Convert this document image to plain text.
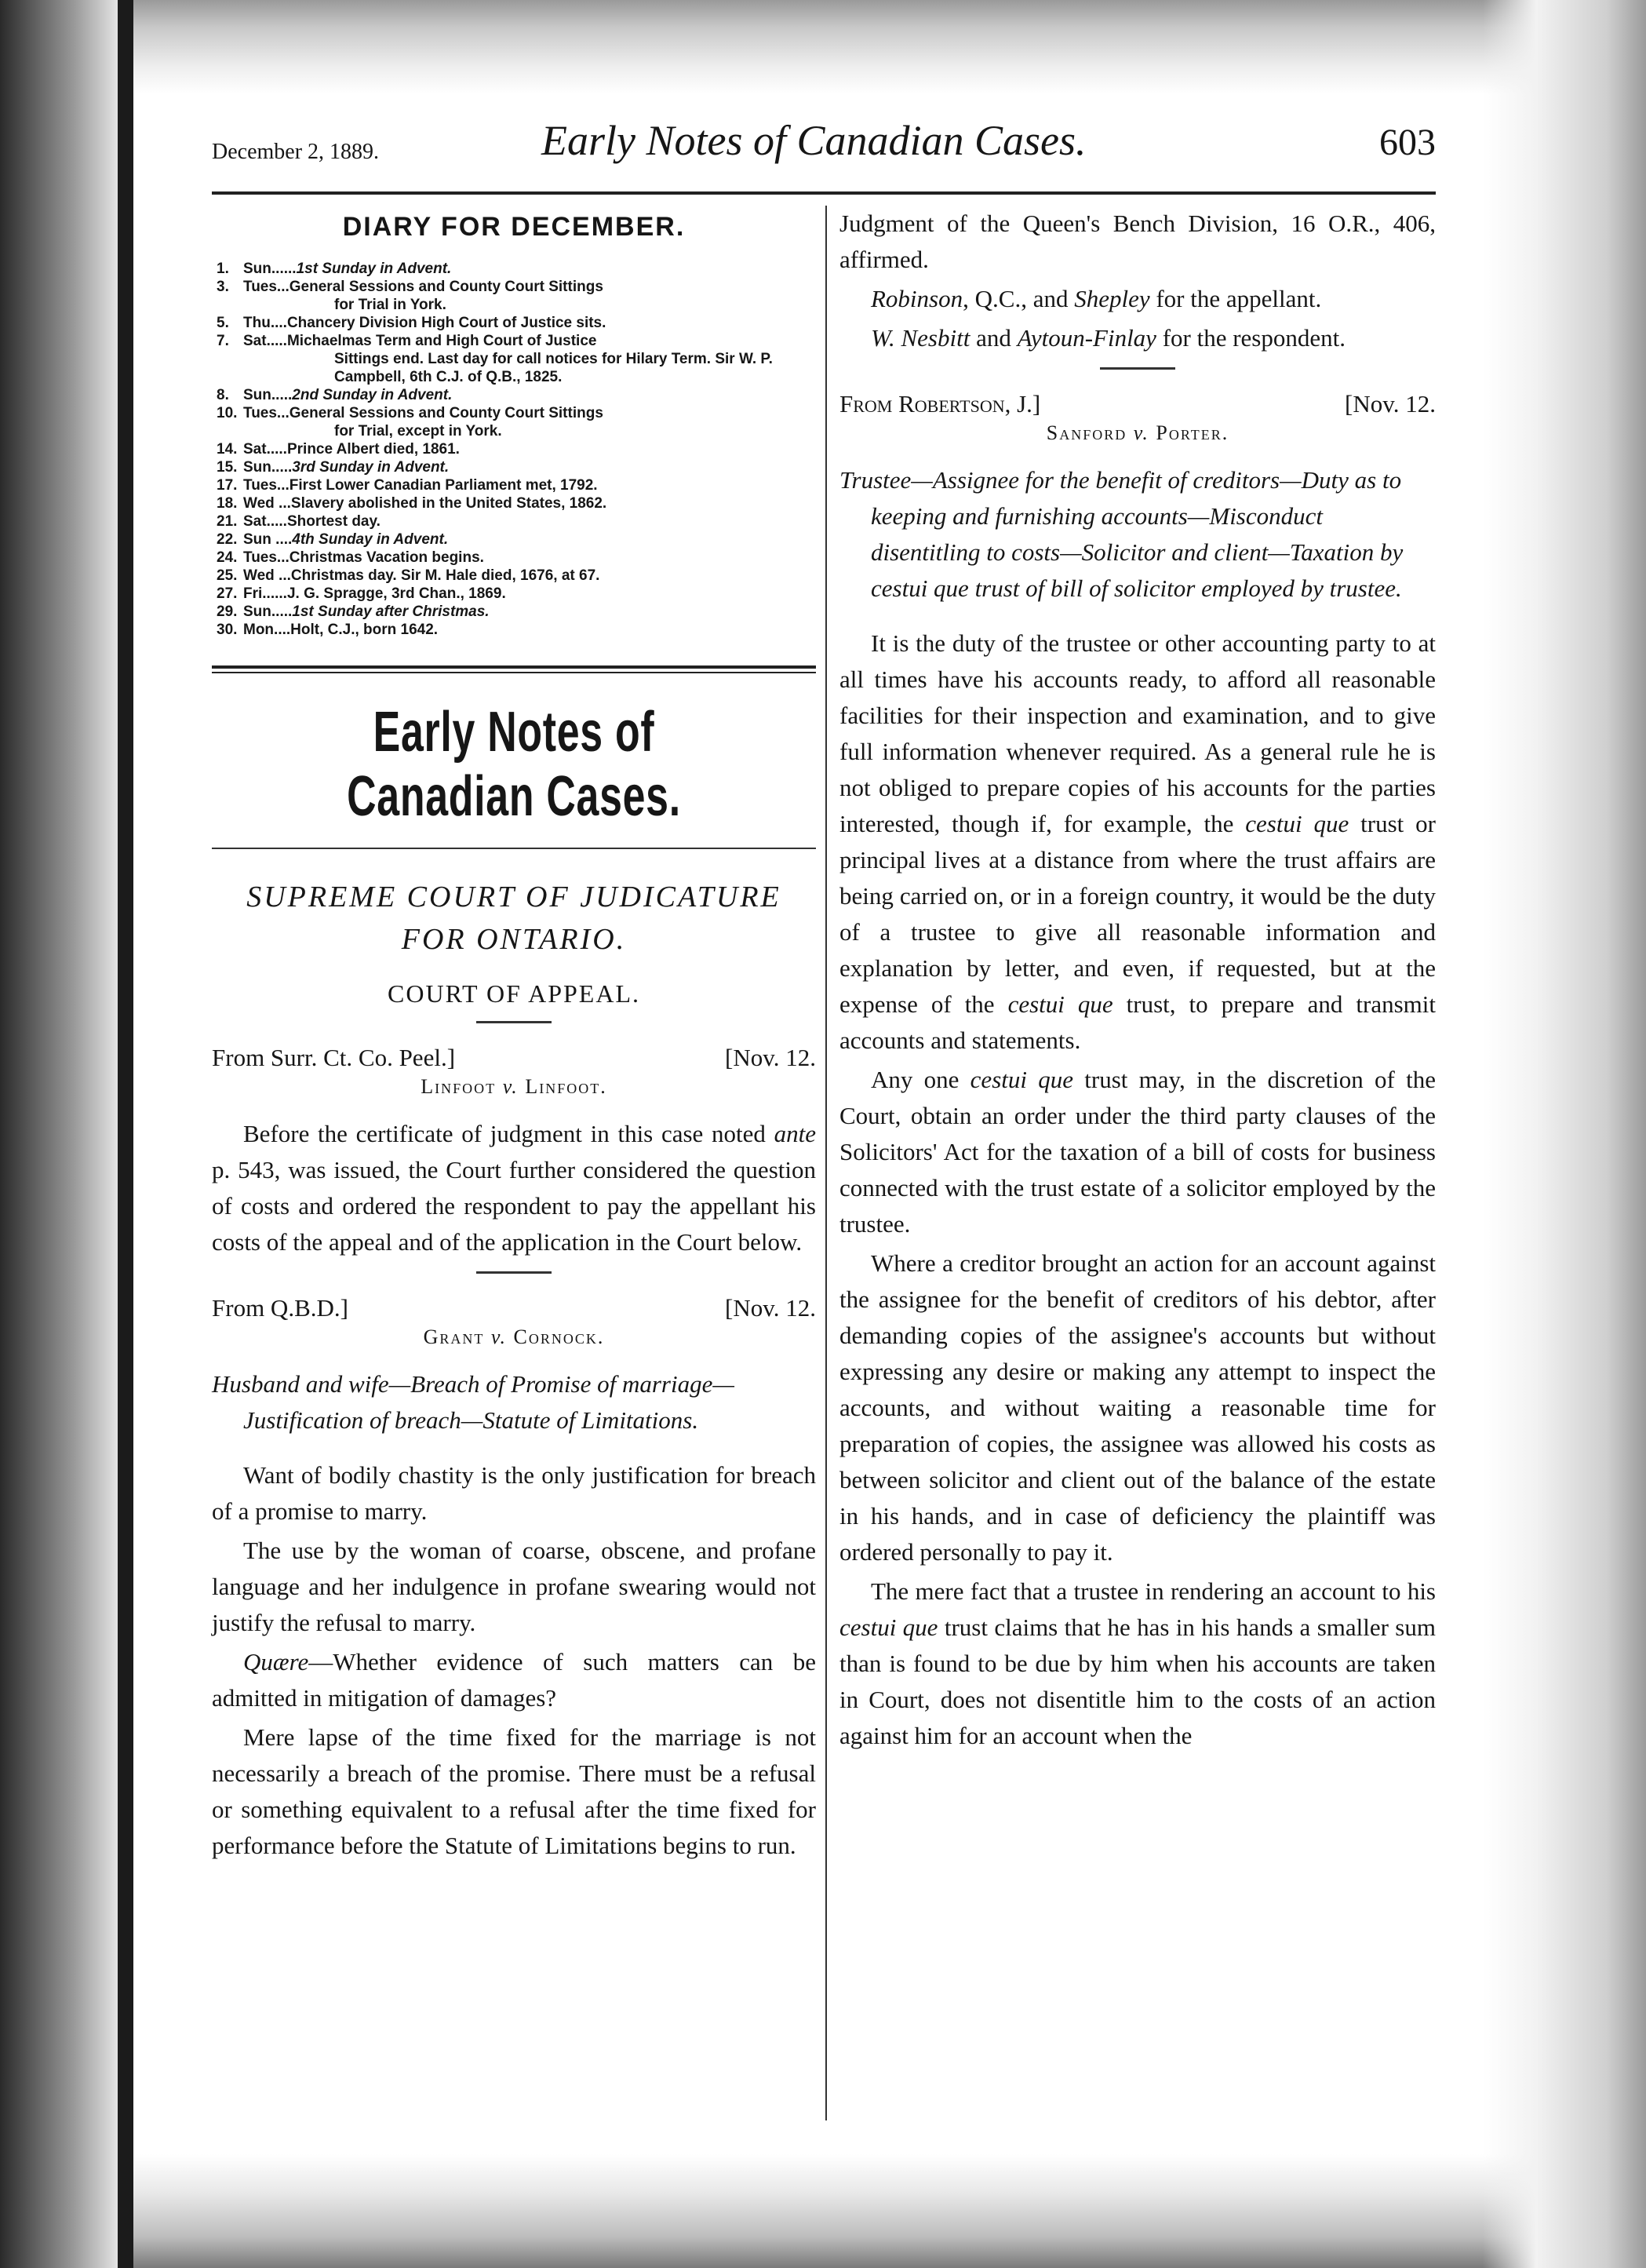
December 2, 1889.	Early Notes of Canadian Cases.	603
DIARY FOR DECEMBER.
1. Sun......1st Sunday in Advent.
3. Tues...General Sessions and County Court Sittings
for Trial in York.
5. Thu....Chancery Division High Court of Justice sits.
7. Sat.....Michaelmas Term and High Court of Justice
Sittings end. Last day for call notices for Hilary Term. Sir W. P. Campbell, 6th C.J. of Q.B., 1825.
8. Sun.....2nd Sunday in Advent.
10. Tues...General Sessions and County Court Sittings
for Trial, except in York.
14. Sat.....Prince Albert died, 1861.
15. Sun.....3rd Sunday in Advent.
17. Tues...First Lower Canadian Parliament met, 1792.
18. Wed ...Slavery abolished in the United States, 1862.
21. Sat.....Shortest day.
22. Sun ....4th Sunday in Advent.
24. Tues...Christmas Vacation begins.
25. Wed ...Christmas day. Sir M. Hale died, 1676, at 67.
27. Fri......J. G. Spragge, 3rd Chan., 1869.
29. Sun.....1st Sunday after Christmas.
30. Mon....Holt, C.J., born 1642.
Early Notes of Canadian Cases.
SUPREME COURT OF JUDICATURE
FOR ONTARIO.
COURT OF APPEAL.
From Surr. Ct. Co. Peel.]	[Nov. 12.
Linfoot v. Linfoot.

Before the certificate of judgment in this case noted ante p. 543, was issued, the Court further considered the question of costs and ordered the respondent to pay the appellant his costs of the appeal and of the application in the Court below.

From Q.B.D.]	[Nov. 12.
Grant v. Cornock.
Husband and wife—Breach of Promise of marriage—Justification of breach—Statute of Limitations.

Want of bodily chastity is the only justification for breach of a promise to marry.

The use by the woman of coarse, obscene, and profane language and her indulgence in profane swearing would not justify the refusal to marry.

Quære—Whether evidence of such matters can be admitted in mitigation of damages?

Mere lapse of the time fixed for the marriage is not necessarily a breach of the promise. There must be a refusal or something equivalent to a refusal after the time fixed for performance before the Statute of Limitations begins to run.

Judgment of the Queen's Bench Division, 16 O.R., 406, affirmed.

Robinson, Q.C., and Shepley for the appellant.

W. Nesbitt and Aytoun-Finlay for the respondent.

From Robertson, J.]	[Nov. 12.
Sanford v. Porter.
Trustee—Assignee for the benefit of creditors—Duty as to keeping and furnishing accounts—Misconduct disentitling to costs—Solicitor and client—Taxation by cestui que trust of bill of solicitor employed by trustee.

It is the duty of the trustee or other accounting party to at all times have his accounts ready, to afford all reasonable facilities for their inspection and examination, and to give full information whenever required. As a general rule he is not obliged to prepare copies of his accounts for the parties interested, though if, for example, the cestui que trust or principal lives at a distance from where the trust affairs are being carried on, or in a foreign country, it would be the duty of a trustee to give all reasonable information and explanation by letter, and even, if requested, but at the expense of the cestui que trust, to prepare and transmit accounts and statements.

Any one cestui que trust may, in the discretion of the Court, obtain an order under the third party clauses of the Solicitors' Act for the taxation of a bill of costs for business connected with the trust estate of a solicitor employed by the trustee.

Where a creditor brought an action for an account against the assignee for the benefit of creditors of his debtor, after demanding copies of the assignee's accounts but without expressing any desire or making any attempt to inspect the accounts, and without waiting a reasonable time for preparation of copies, the assignee was allowed his costs as between solicitor and client out of the balance of the estate in his hands, and in case of deficiency the plaintiff was ordered personally to pay it.

The mere fact that a trustee in rendering an account to his cestui que trust claims that he has in his hands a smaller sum than is found to be due by him when his accounts are taken in Court, does not disentitle him to the costs of an action against him for an account when the
